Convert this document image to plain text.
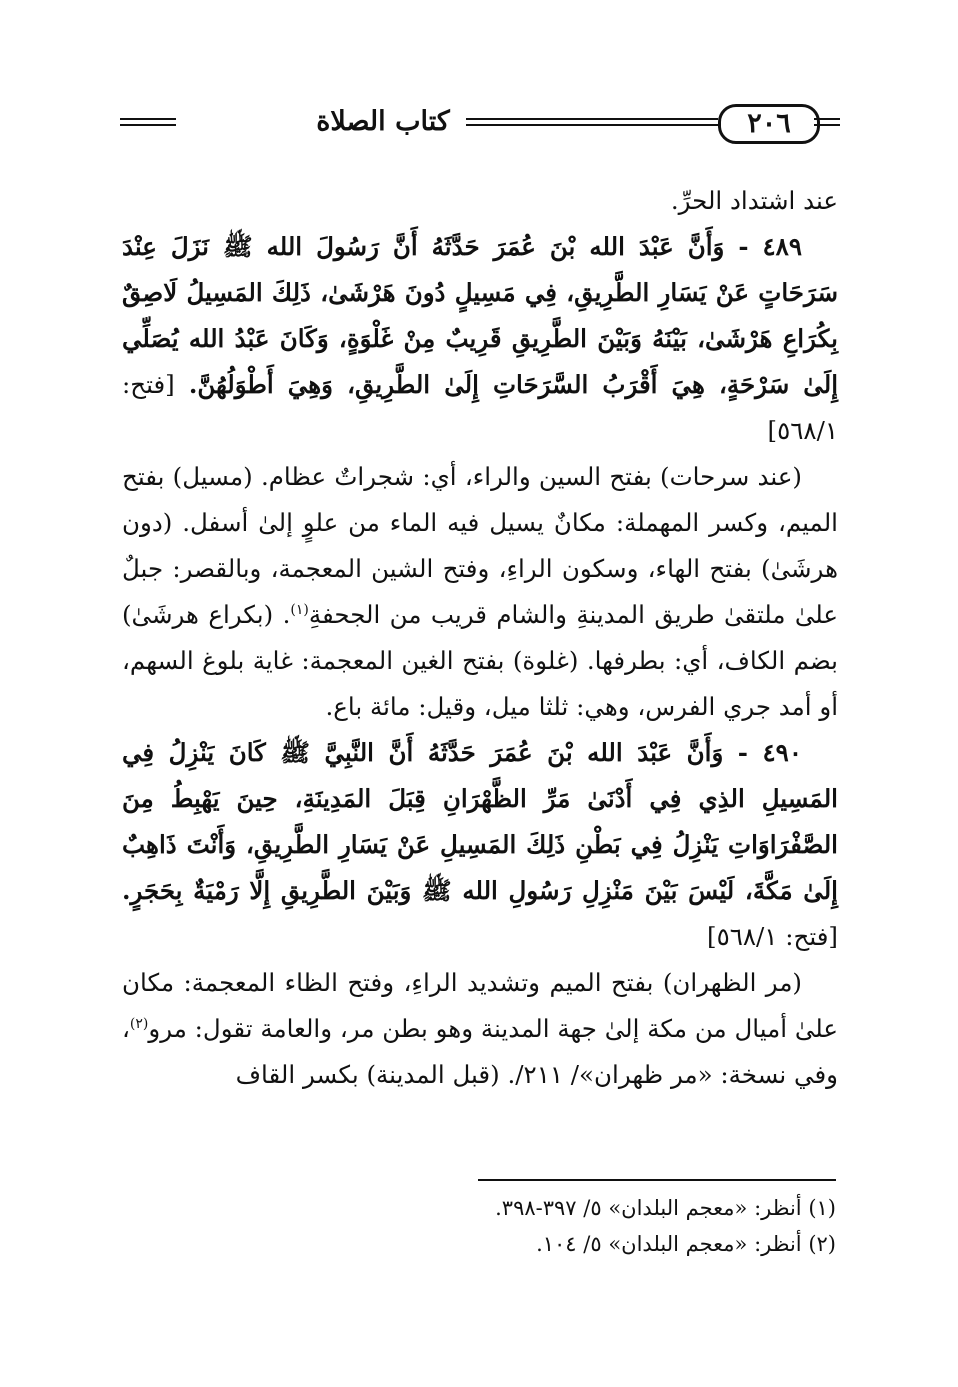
كتاب الصلاة	٢٠٦

عند اشتداد الحرِّ.

٤٨٩ - وَأَنَّ عَبْدَ الله بْنَ عُمَرَ حَدَّثَهُ أَنَّ رَسُولَ الله ﷺ نَزَلَ عِنْدَ سَرَحَاتٍ عَنْ يَسَارِ الطَّرِيقِ، فِي مَسِيلٍ دُونَ هَرْشَىٰ، ذَلِكَ المَسِيلُ لَاصِقٌ بِكُرَاعِ هَرْشَىٰ، بَيْنَهُ وَبَيْنَ الطَّرِيقِ قَرِيبٌ مِنْ غَلْوَةٍ، وَكَانَ عَبْدُ الله يُصَلِّي إِلَىٰ سَرْحَةٍ، هِيَ أَقْرَبُ السَّرَحَاتِ إِلَىٰ الطَّرِيقِ، وَهِيَ أَطْوَلُهُنَّ. [فتح: ٥٦٨/١]

(عند سرحات) بفتح السين والراء، أي: شجراتٌ عظام. (مسيل) بفتح الميم، وكسر المهملة: مكانٌ يسيل فيه الماء من علوٍ إلىٰ أسفل. (دون هرشَىٰ) بفتح الهاء، وسكون الراءِ، وفتح الشين المعجمة، وبالقصر: جبلٌ علىٰ ملتقىٰ طريق المدينةِ والشام قريب من الجحفةِ$^{(١)}$. (بكراع هرشَىٰ) بضم الكاف، أي: بطرفها. (غلوة) بفتح الغين المعجمة: غاية بلوغ السهم، أو أمد جري الفرس، وهي: ثلثا ميل، وقيل: مائة باع.

٤٩٠ - وَأَنَّ عَبْدَ الله بْنَ عُمَرَ حَدَّثَهُ أَنَّ النَّبِيَّ ﷺ كَانَ يَنْزِلُ فِي المَسِيلِ الذِي فِي أَدْنَىٰ مَرِّ الظَّهْرَانِ قِبَلَ المَدِينَةِ، حِينَ يَهْبِطُ مِنَ الصَّفْرَاوَاتِ يَنْزِلُ فِي بَطْنِ ذَلِكَ المَسِيلِ عَنْ يَسَارِ الطَّرِيقِ، وَأَنْتَ ذَاهِبٌ إِلَىٰ مَكَّةَ، لَيْسَ بَيْنَ مَنْزِلِ رَسُولِ الله ﷺ وَبَيْنَ الطَّرِيقِ إِلَّا رَمْيَةٌ بِحَجَرٍ. [فتح: ٥٦٨/١]

(مر الظهران) بفتح الميم وتشديد الراءِ، وفتح الظاء المعجمة: مكان علىٰ أميال من مكة إلىٰ جهة المدينة وهو بطن مر، والعامة تقول: مرو$^{(٢)}$، وفي نسخة: «مر ظهران»/ ٢١١/. (قبل المدينة) بكسر القاف

(١) أنظر: «معجم البلدان» ٥/ ٣٩٧-٣٩٨.
(٢) أنظر: «معجم البلدان» ٥/ ١٠٤.
